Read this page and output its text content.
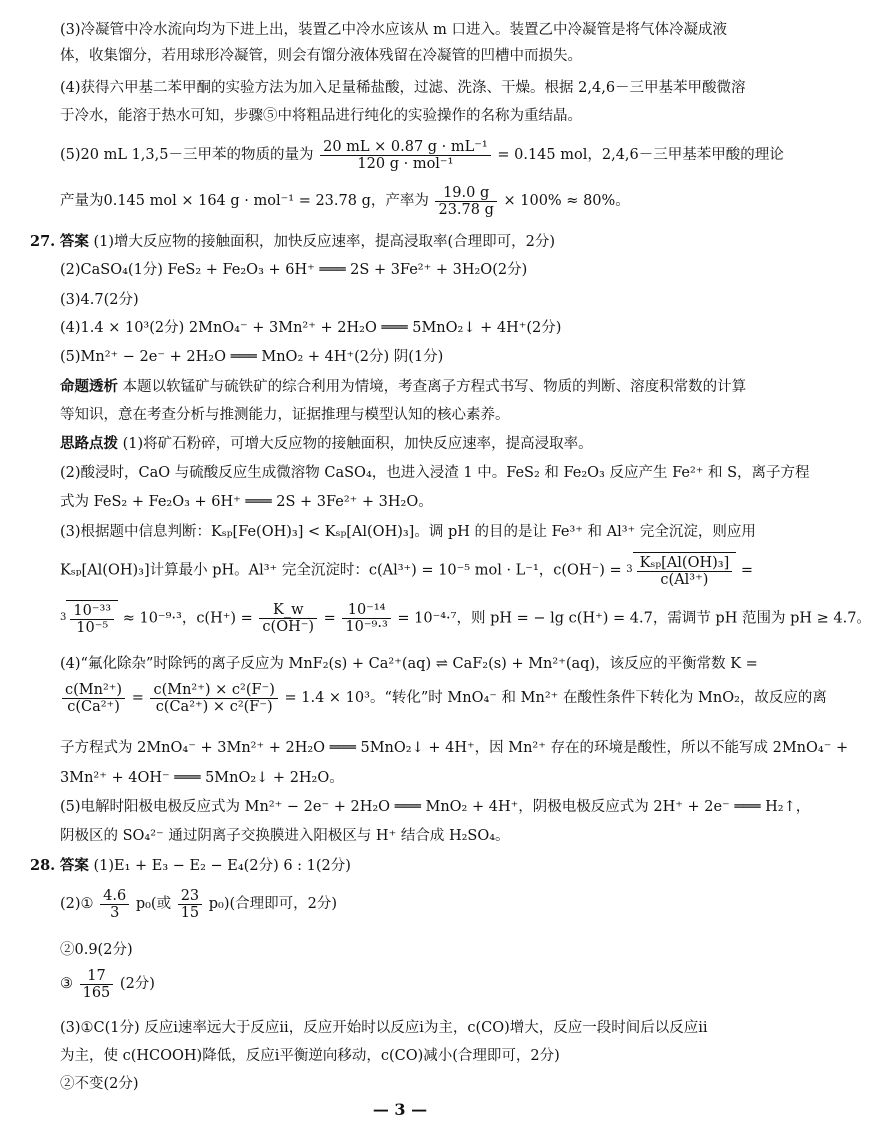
(3)冷凝管中冷水流向均为下进上出，装置乙中冷水应该从 m 口进入。装置乙中冷凝管是将气体冷凝成液
体，收集馏分，若用球形冷凝管，则会有馏分液体残留在冷凝管的凹槽中而损失。
(4)获得六甲基二苯甲酮的实验方法为加入足量稀盐酸，过滤、洗涤、干燥。根据 2,4,6－三甲基苯甲酸微溶
于冷水，能溶于热水可知，步骤⑤中将粗品进行纯化的实验操作的名称为重结晶。
(5)20 mL 1,3,5－三甲苯的物质的量为 $\frac{\text{20 mL × 0.87 g · mL⁻¹}}{\text{120 g · mol⁻¹}} = 0.145$ mol，2,4,6－三甲基苯甲酸的理论
产量为0.145 mol × 164 g · mol⁻¹ = 23.78 g，产率为 $\frac{19.0 g}{23.78 g} \times 100\% \approx 80\%$。
27. 答案 (1)增大反应物的接触面积，加快反应速率，提高浸取率(合理即可，2分)
(2)CaSO₄(1分) FeS₂ + Fe₂O₃ + 6H⁺ ═══ 2S + 3Fe²⁺ + 3H₂O(2分)
(3)4.7(2分)
(4)1.4 × 10³(2分) 2MnO₄⁻ + 3Mn²⁺ + 2H₂O ═══ 5MnO₂↓ + 4H⁺(2分)
(5)Mn²⁺ − 2e⁻ + 2H₂O ═══ MnO₂ + 4H⁺(2分) 阴(1分)
命题透析 本题以软锰矿与硫铁矿的综合利用为情境，考查离子方程式书写、物质的判断、溶度积常数的计算
等知识，意在考查分析与推测能力，证据推理与模型认知的核心素养。
思路点拨 (1)将矿石粉碎，可增大反应物的接触面积，加快反应速率，提高浸取率。
(2)酸浸时，CaO 与硫酸反应生成微溶物 CaSO₄，也进入浸渣 1 中。FeS₂ 和 Fe₂O₃ 反应产生 Fe²⁺ 和 S，离子方程
式为 FeS₂ + Fe₂O₃ + 6H⁺ ═══ 2S + 3Fe²⁺ + 3H₂O。
(3)根据题中信息判断：Kₛₚ[Fe(OH)₃] < Kₛₚ[Al(OH)₃]。调 pH 的目的是让 Fe³⁺ 和 Al³⁺ 完全沉淀，则应用
Kₛₚ[Al(OH)₃]计算最小 pH。Al³⁺ 完全沉淀时：c(Al³⁺) = 10⁻⁵ mol · L⁻¹，$c(OH^-) = ^3 \frac{\text{Kₛₚ[Al(OH)₃]}}{\text{c(Al³⁺)}}$ =
$^3 \frac{\text{10⁻³³}}{\text{10⁻⁵}} \approx 10^{-9}\cdot^3$，$c(H^+) = \frac{K\_w}{c(OH^-)} = \frac{\text{10⁻¹⁴}}{\text{10⁻⁹·³}} = 10^{-4}\cdot^7$，则 pH = − lg c(H⁺) = 4.7，需调节 pH 范围为 pH ≥ 4.7。
(4)“氟化除杂”时除钙的离子反应为 MnF₂(s) + Ca²⁺(aq) ⇌ CaF₂(s) + Mn²⁺(aq)，该反应的平衡常数 K =
$\frac{\text{c(Mn²⁺)}}{\text{c(Ca²⁺)}} = \frac{\text{c(Mn²⁺) × c²(F⁻)}}{\text{c(Ca²⁺) × c²(F⁻)}} = 1.4 \times 10^3$。“转化”时 MnO₄⁻ 和 Mn²⁺ 在酸性条件下转化为 MnO₂，故反应的离
子方程式为 2MnO₄⁻ + 3Mn²⁺ + 2H₂O ═══ 5MnO₂↓ + 4H⁺，因 Mn²⁺ 存在的环境是酸性，所以不能写成 2MnO₄⁻ +
3Mn²⁺ + 4OH⁻ ═══ 5MnO₂↓ + 2H₂O。
(5)电解时阳极电极反应式为 Mn²⁺ − 2e⁻ + 2H₂O ═══ MnO₂ + 4H⁺，阴极电极反应式为 2H⁺ + 2e⁻ ═══ H₂↑，
阴极区的 SO₄²⁻ 通过阴离子交换膜进入阳极区与 H⁺ 结合成 H₂SO₄。
28. 答案 (1)E₁ + E₃ − E₂ − E₄(2分) 6 : 1(2分)
(2)① $\frac{4.6}{3} p_0$(或 $\frac{23}{15} p_0$)(合理即可，2分)
②0.9(2分)
③ $\frac{17}{165} (2$分)
(3)①C(1分) 反应ⅰ速率远大于反应ⅱ，反应开始时以反应ⅰ为主，c(CO)增大，反应一段时间后以反应ⅱ
为主，使 c(HCOOH)降低，反应ⅰ平衡逆向移动，c(CO)减小(合理即可，2分)
②不变(2分)
— 3 —
